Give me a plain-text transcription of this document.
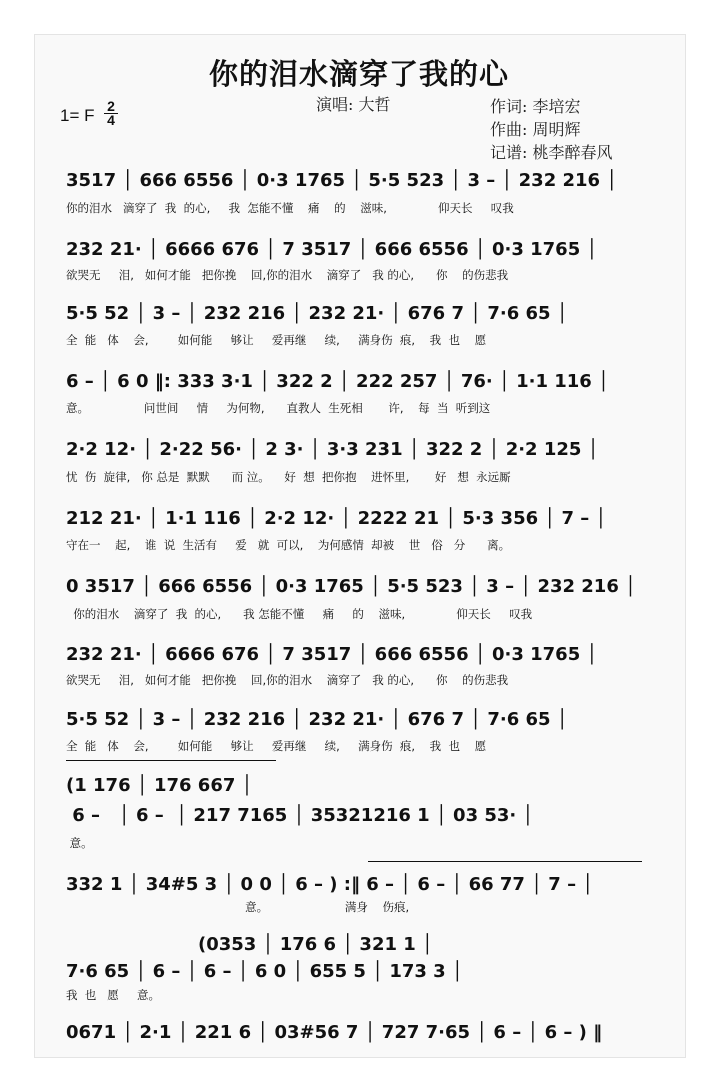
你的泪水滴穿了我的心
1= F 2
4
演唱: 大哲	作词: 李培宏
作曲: 周明辉
记谱: 桃李醉春风
3517 │ 666 6556 │ 0·3 1765 │ 5·5 523 │ 3 – │ 232 216 │
232 21· │ 6666 676 │ 7 3517 │ 666 6556 │ 0·3 1765 │
5·5 52 │ 3 – │ 232 216 │ 232 21· │ 676 7 │ 7·6 65 │
6 – │ 6 0 ‖: 333 3·1 │ 322 2 │ 222 257 │ 76· │ 1·1 116 │
2·2 12· │ 2·22 56· │ 2 3· │ 3·3 231 │ 322 2 │ 2·2 125 │
212 21· │ 1·1 116 │ 2·2 12· │ 2222 21 │ 5·3 356 │ 7 – │
0 3517 │ 666 6556 │ 0·3 1765 │ 5·5 523 │ 3 – │ 232 216 │
232 21· │ 6666 676 │ 7 3517 │ 666 6556 │ 0·3 1765 │
5·5 52 │ 3 – │ 232 216 │ 232 21· │ 676 7 │ 7·6 65 │
(1 176 │ 176 667 │
6 –   │ 6 –  │ 217 7165 │ 35321216 1 │ 03 53· │
332 1 │ 34#5 3 │ 0 0 │ 6 – ) :‖ 6 – │ 6 – │ 66 77 │ 7 – │
(0353 │ 176 6 │ 321 1 │
7·6 65 │ 6 – │ 6 – │ 6 0 │ 655 5 │ 173 3 │
0671 │ 2·1 │ 221 6 │ 03#56 7 │ 727 7·65 │ 6 – │ 6 – ) ‖
你的泪水   滴穿了  我  的心,     我  怎能不懂    痛    的    滋味,              仰天长     叹我
欲哭无     泪,   如何才能   把你挽    回,你的泪水    滴穿了   我 的心,      你    的伤悲我
全  能   体    会,        如何能     够让     爱再继     续,     满身伤  痕,    我  也    愿
意。               问世间     情     为何物,      直教人  生死相       许,    每  当  听到这
忧  伤  旋律,   你 总是  默默      而 泣。    好  想  把你抱    进怀里,       好   想  永远厮
守在一    起,    谁  说  生活有     爱   就  可以,    为何感情  却被    世   俗   分      离。
你的泪水    滴穿了  我  的心,      我 怎能不懂     痛     的    滋味,              仰天长     叹我
欲哭无     泪,   如何才能   把你挽    回,你的泪水    滴穿了   我 的心,      你    的伤悲我
全  能   体    会,        如何能     够让     爱再继     续,     满身伤  痕,    我  也    愿
意。
意。                     满身    伤痕,
我  也   愿     意。
